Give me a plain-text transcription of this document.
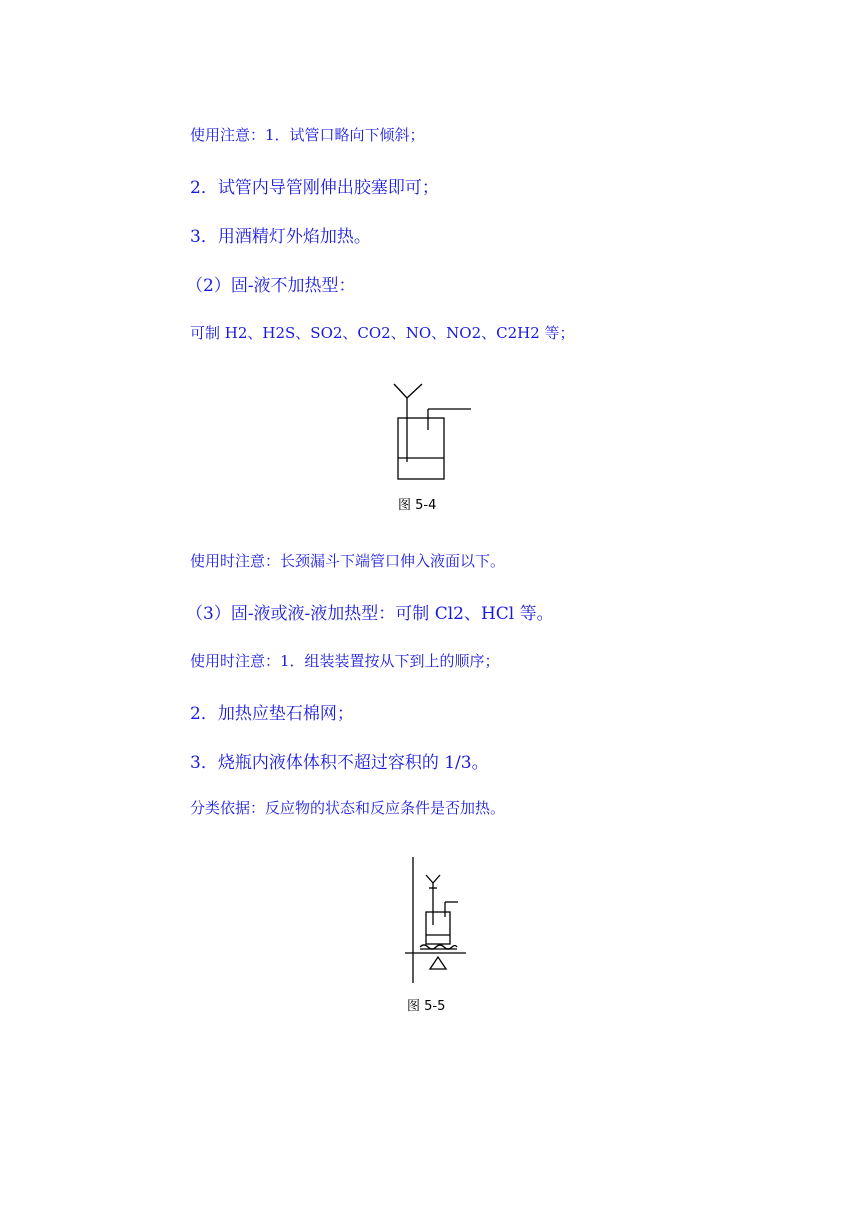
使用注意：1．试管口略向下倾斜；
2．试管内导管刚伸出胶塞即可；
3．用酒精灯外焰加热。
（2）固-液不加热型：
可制 H2、H2S、SO2、CO2、NO、NO2、C2H2 等；
图 5-4
使用时注意：长颈漏斗下端管口伸入液面以下。
（3）固-液或液-液加热型：可制 Cl2、HCl 等。
使用时注意：1．组装装置按从下到上的顺序；
2．加热应垫石棉网；
3．烧瓶内液体体积不超过容积的 1/3。
分类依据：反应物的状态和反应条件是否加热。
图 5-5
